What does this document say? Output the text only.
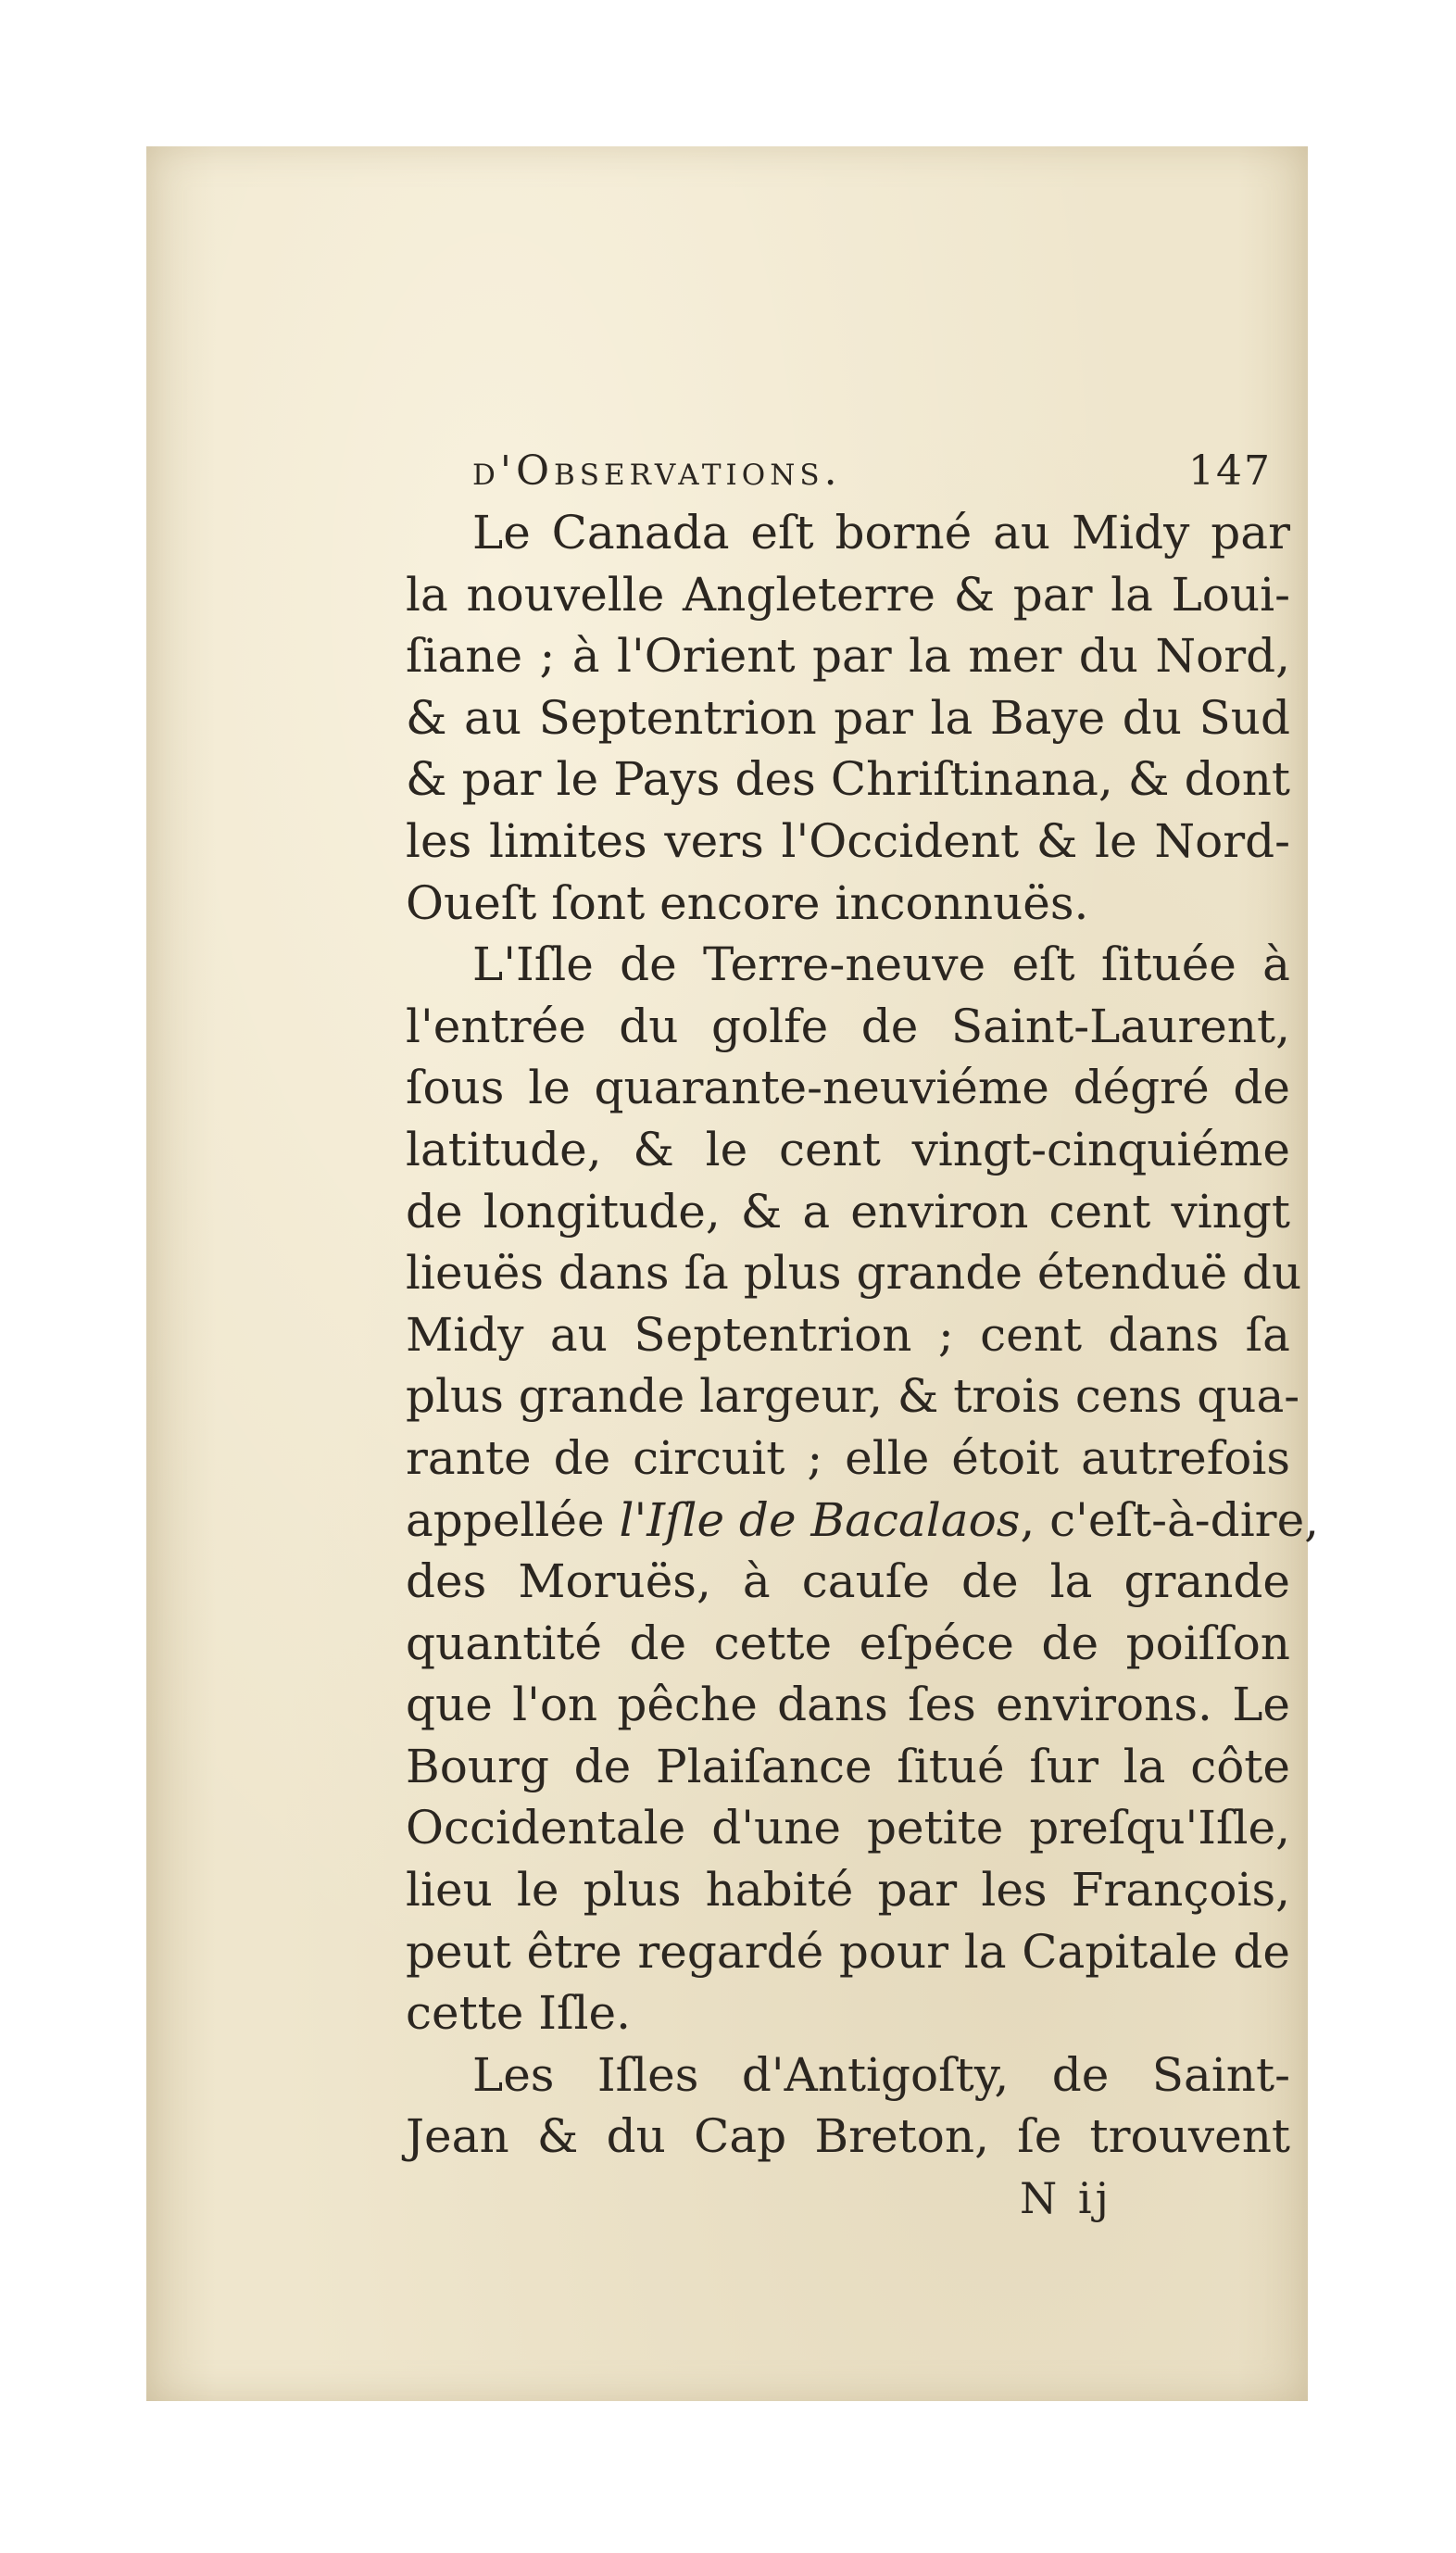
d'Observations.	147
Le Canada eſt borné au Midy par
la nouvelle Angleterre & par la Loui-
ſiane ; à l'Orient par la mer du Nord,
& au Septentrion par la Baye du Sud
& par le Pays des Chriſtinana, & dont
les limites vers l'Occident & le Nord-
Oueſt ſont encore inconnuës.
L'Iſle de Terre-neuve eſt ſituée à
l'entrée du golfe de Saint-Laurent,
ſous le quarante-neuviéme dégré de
latitude, & le cent vingt-cinquiéme
de longitude, & a environ cent vingt
lieuës dans ſa plus grande étenduë du
Midy au Septentrion ; cent dans ſa
plus grande largeur, & trois cens qua-
rante de circuit ; elle étoit autrefois
appellée l'Iſle de Bacalaos, c'eſt-à-dire,
des Moruës, à cauſe de la grande
quantité de cette eſpéce de poiſſon
que l'on pêche dans ſes environs. Le
Bourg de Plaiſance ſitué ſur la côte
Occidentale d'une petite preſqu'Iſle,
lieu le plus habité par les François,
peut être regardé pour la Capitale de
cette Iſle.
Les Iſles d'Antigoſty, de Saint-
Jean & du Cap Breton, ſe trouvent
N ij
